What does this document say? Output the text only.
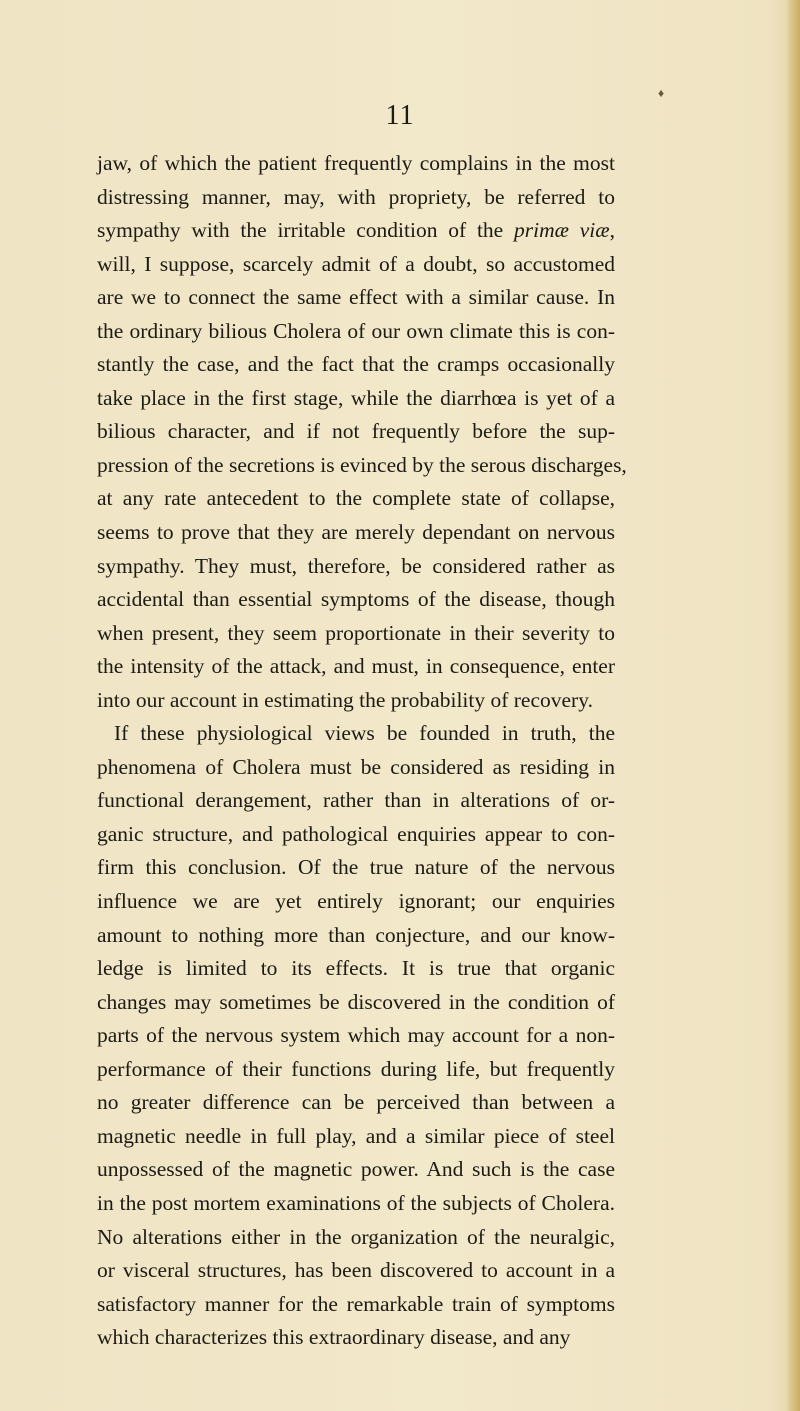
♦
11
jaw, of which the patient frequently complains in the most
distressing manner, may, with propriety, be referred to
sympathy with the irritable condition of the primæ viæ,
will, I suppose, scarcely admit of a doubt, so accustomed
are we to connect the same effect with a similar cause. In
the ordinary bilious Cholera of our own climate this is con-
stantly the case, and the fact that the cramps occasionally
take place in the first stage, while the diarrhœa is yet of a
bilious character, and if not frequently before the sup-
pression of the secretions is evinced by the serous discharges,
at any rate antecedent to the complete state of collapse,
seems to prove that they are merely dependant on nervous
sympathy. They must, therefore, be considered rather as
accidental than essential symptoms of the disease, though
when present, they seem proportionate in their severity to
the intensity of the attack, and must, in consequence, enter
into our account in estimating the probability of recovery.
If these physiological views be founded in truth, the
phenomena of Cholera must be considered as residing in
functional derangement, rather than in alterations of or-
ganic structure, and pathological enquiries appear to con-
firm this conclusion. Of the true nature of the nervous
influence we are yet entirely ignorant; our enquiries
amount to nothing more than conjecture, and our know-
ledge is limited to its effects. It is true that organic
changes may sometimes be discovered in the condition of
parts of the nervous system which may account for a non-
performance of their functions during life, but frequently
no greater difference can be perceived than between a
magnetic needle in full play, and a similar piece of steel
unpossessed of the magnetic power. And such is the case
in the post mortem examinations of the subjects of Cholera.
No alterations either in the organization of the neuralgic,
or visceral structures, has been discovered to account in a
satisfactory manner for the remarkable train of symptoms
which characterizes this extraordinary disease, and any
